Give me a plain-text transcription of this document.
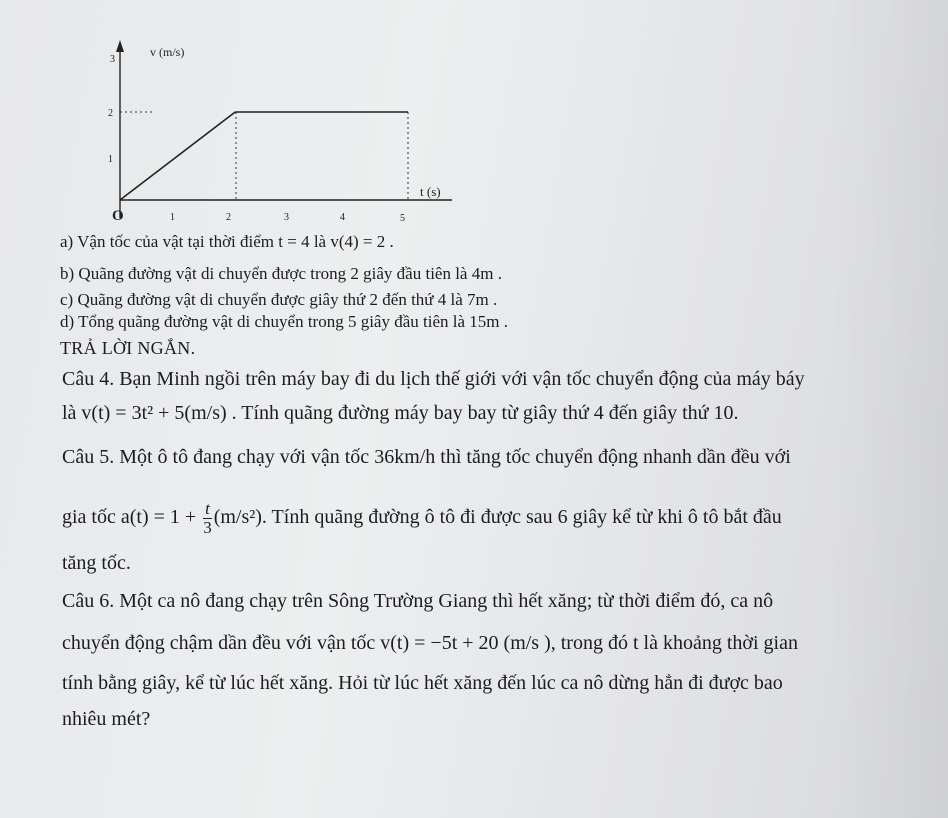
3
2
1
v (m/s)
t (s)
O	1	2	3	4	5
a) Vận tốc của vật tại thời điểm t = 4 là v(4) = 2 .
b) Quãng đường vật di chuyển được trong 2 giây đầu tiên là 4m .
c) Quãng đường vật di chuyển được giây thứ 2 đến thứ 4 là 7m .
d) Tổng quãng đường vật di chuyển trong 5 giây đầu tiên là 15m .
TRẢ LỜI NGẮN.
Câu 4. Bạn Minh ngồi trên máy bay đi du lịch thế giới với vận tốc chuyển động của máy báy
là v(t) = 3t² + 5(m/s) . Tính quãng đường máy bay bay từ giây thứ 4 đến giây thứ 10.
Câu 5. Một ô tô đang chạy với vận tốc 36km/h thì tăng tốc chuyển động nhanh dần đều với
gia tốc $a(t) = 1 + \frac{t}{3} (m/s^2)$. Tính quãng đường ô tô đi được sau 6 giây kể từ khi ô tô bắt đầu
tăng tốc.
Câu 6. Một ca nô đang chạy trên Sông Trường Giang thì hết xăng; từ thời điểm đó, ca nô
chuyển động chậm dần đều với vận tốc v(t) = −5t + 20 (m/s ), trong đó t là khoảng thời gian
tính bằng giây, kể từ lúc hết xăng. Hỏi từ lúc hết xăng đến lúc ca nô dừng hẳn đi được bao
nhiêu mét?
